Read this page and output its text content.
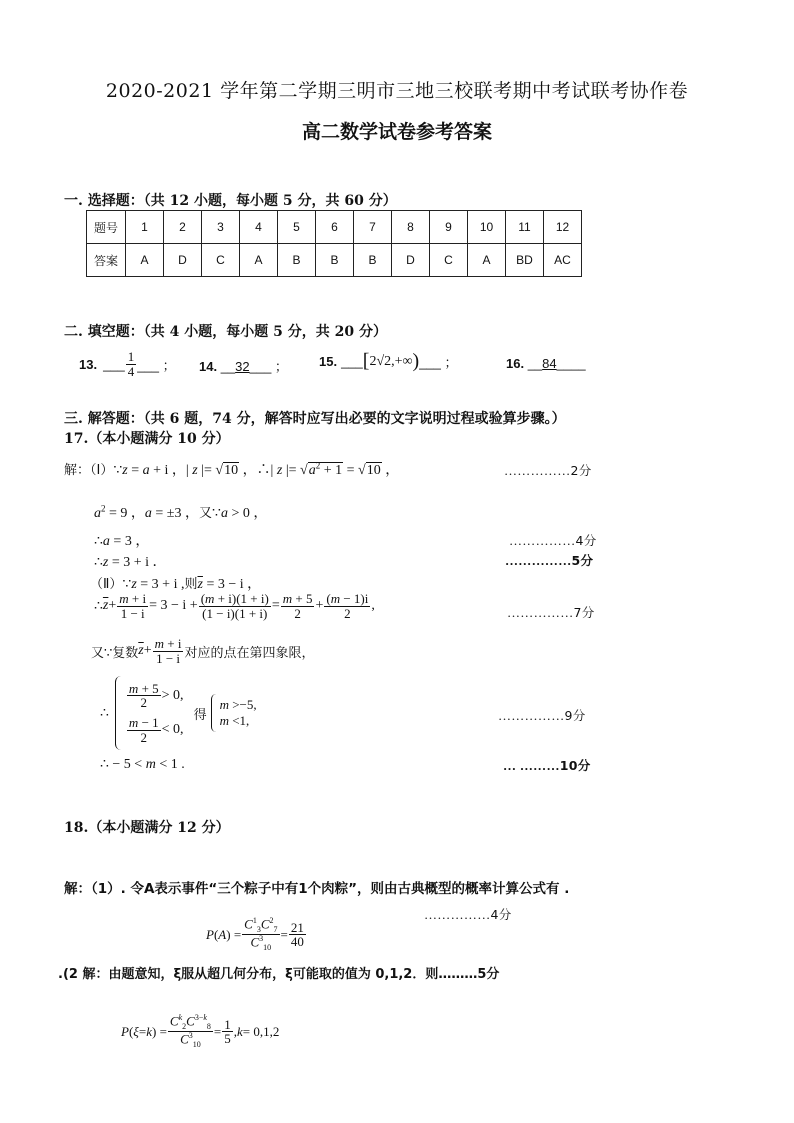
2020-2021 学年第二学期三明市三地三校联考期中考试联考协作卷
高二数学试卷参考答案
一. 选择题：（共 12 小题，每小题 5 分，共 60 分）
题号	1	2	3	4	5	6	7	8	9	10	11	12
答案	A	D	C	A	B	B	B	D	C	A	BD	AC
二. 填空题：（共 4 小题，每小题 5 分，共 20 分）
13. ___ $\frac{1}{4}$ ___ ； 14. __32___ ； 15. ___ [ 2√2,+∞ ) ___ ；	16. __84____
三. 解答题：（共 6 题，74 分，解答时应写出必要的文字说明过程或验算步骤。）
17.（本小题满分 10 分）
解：（Ⅰ）∵z = a + i ，| z |= √10 ，∴| z |= $√a^2 + 1 = √10$ ，	……………2分
$a^2 = 9$ ，a = ±3 ，又∵a > 0 ，
∴a = 3 ，	……………4分
∴z = 3 + i ．	……………5分
（Ⅱ）∵z = 3 + i ,则$\overline{z} = 3 - i$ ，
∴ $\overline{z} + \frac{m + i}{1 - i} = 3 - i + \frac{(m + i)(1 + i)}{(1 - i)(1 + i)} = \frac{m + 5}{2} + \frac{(m - 1)i}{2}$ ,	……………7分
又∵复数 $\overline{z} + \frac{m + i}{1 - i}$ 对应的点在第四象限，
∴
$\frac{m + 5}{2} > 0$,
$\frac{m - 1}{2} < 0$,
得
m >−5,
m <1,	……………9分
∴ − 5 < m < 1 .	… ………10分
18.（本小题满分 12 分）
解：（1）. 令A表示事件“三个粽子中有1个肉粽”，则由古典概型的概率计算公式有 .
……………4分
P ( A ) = $\frac{C^1_3C^2_7}{C^3_{10}} = \frac{21}{40}$
.(2 解：由题意知，ξ服从超几何分布，ξ可能取的值为 0,1,2．则………5分
P ( ξ = k ) = $\frac{C^k_2C^{3-k}_8}{C^3_{10}} = \frac{1}{5}$ , k = 0,1,2
